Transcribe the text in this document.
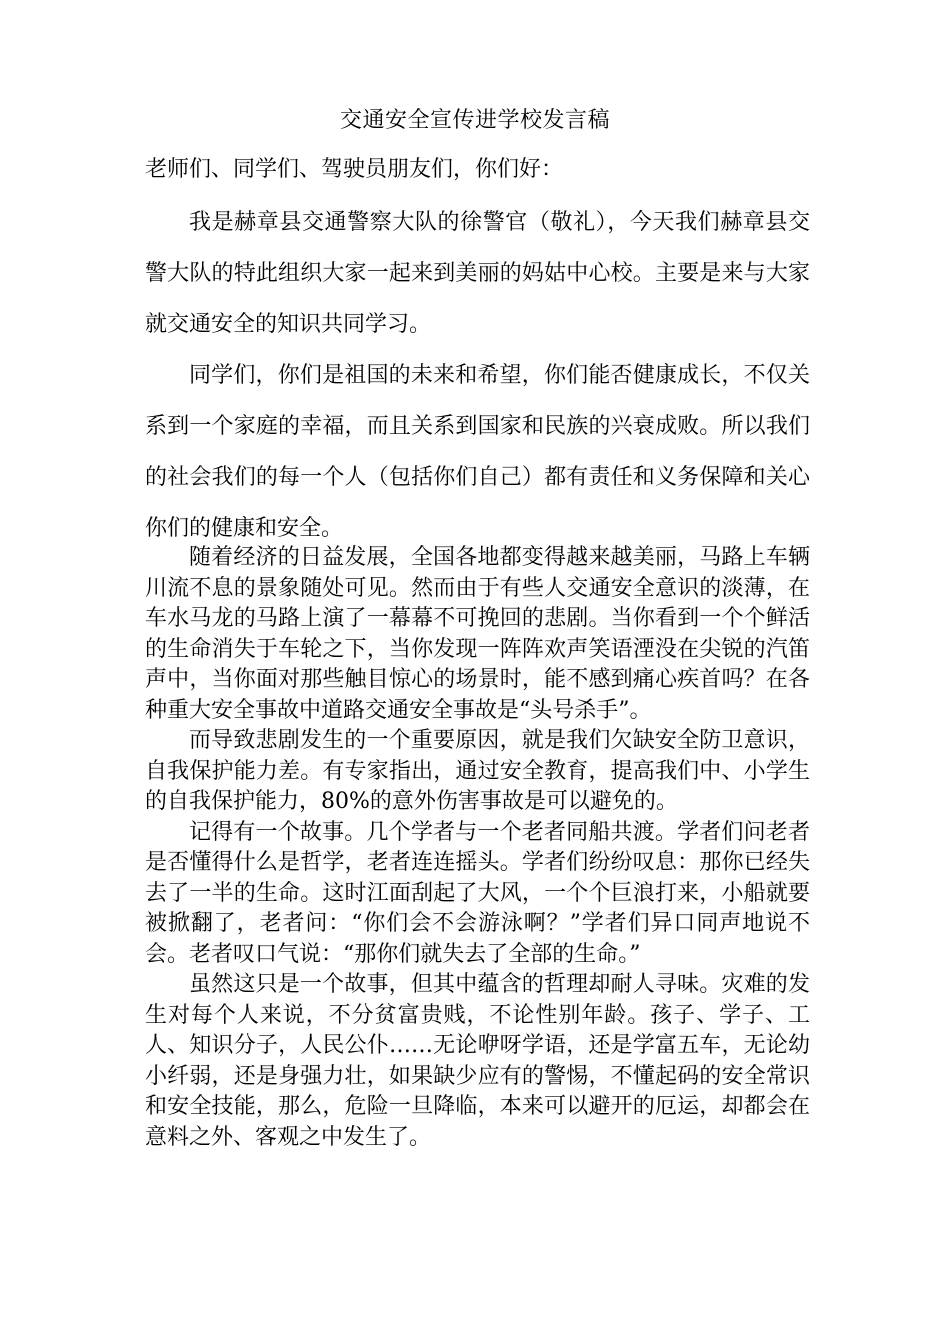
交通安全宣传进学校发言稿
老师们、同学们、驾驶员朋友们，你们好：

我是赫章县交通警察大队的徐警官（敬礼），今天我们赫章县交警大队的特此组织大家一起来到美丽的妈姑中心校。主要是来与大家就交通安全的知识共同学习。

同学们，你们是祖国的未来和希望，你们能否健康成长，不仅关系到一个家庭的幸福，而且关系到国家和民族的兴衰成败。所以我们的社会我们的每一个人（包括你们自己）都有责任和义务保障和关心你们的健康和安全。

随着经济的日益发展，全国各地都变得越来越美丽，马路上车辆川流不息的景象随处可见。然而由于有些人交通安全意识的淡薄，在车水马龙的马路上演了一幕幕不可挽回的悲剧。当你看到一个个鲜活的生命消失于车轮之下，当你发现一阵阵欢声笑语湮没在尖锐的汽笛声中，当你面对那些触目惊心的场景时，能不感到痛心疾首吗？在各种重大安全事故中道路交通安全事故是“头号杀手”。

而导致悲剧发生的一个重要原因，就是我们欠缺安全防卫意识，自我保护能力差。有专家指出，通过安全教育，提高我们中、小学生的自我保护能力，80%的意外伤害事故是可以避免的。

记得有一个故事。几个学者与一个老者同船共渡。学者们问老者是否懂得什么是哲学，老者连连摇头。学者们纷纷叹息：那你已经失去了一半的生命。这时江面刮起了大风，一个个巨浪打来，小船就要被掀翻了，老者问：“你们会不会游泳啊？”学者们异口同声地说不会。老者叹口气说：“那你们就失去了全部的生命。”

虽然这只是一个故事，但其中蕴含的哲理却耐人寻味。灾难的发生对每个人来说，不分贫富贵贱，不论性别年龄。孩子、学子、工人、知识分子，人民公仆……无论咿呀学语，还是学富五车，无论幼小纤弱，还是身强力壮，如果缺少应有的警惕，不懂起码的安全常识和安全技能，那么，危险一旦降临，本来可以避开的厄运，却都会在意料之外、客观之中发生了。
